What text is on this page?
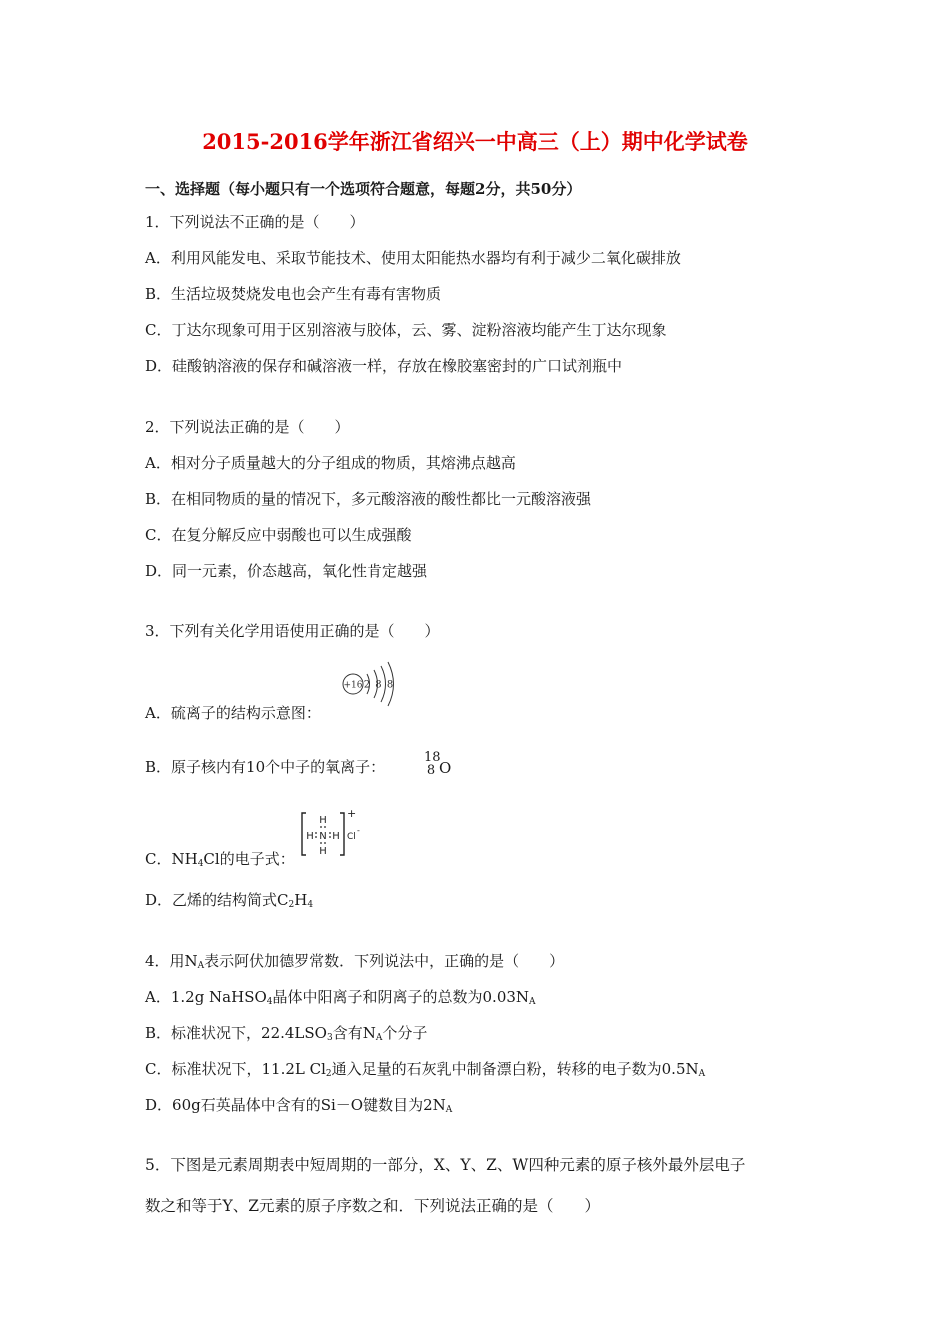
2015-2016学年浙江省绍兴一中高三（上）期中化学试卷
一、选择题（每小题只有一个选项符合题意，每题2分，共50分）
1．下列说法不正确的是（　　）
A．利用风能发电、采取节能技术、使用太阳能热水器均有利于减少二氧化碳排放
B．生活垃圾焚烧发电也会产生有毒有害物质
C．丁达尔现象可用于区别溶液与胶体，云、雾、淀粉溶液均能产生丁达尔现象
D．硅酸钠溶液的保存和碱溶液一样，存放在橡胶塞密封的广口试剂瓶中
2．下列说法正确的是（　　）
A．相对分子质量越大的分子组成的物质，其熔沸点越高
B．在相同物质的量的情况下，多元酸溶液的酸性都比一元酸溶液强
C．在复分解反应中弱酸也可以生成强酸
D．同一元素，价态越高，氧化性肯定越强
3．下列有关化学用语使用正确的是（　　）
+16 2 8 8
A．硫离子的结构示意图：
B．原子核内有10个中子的氧离子：
18
8 O
H
H N H
H
+
Cl
-
C．$NH_4Cl$的电子式：
D．乙烯的结构简式$C_2H_4$
4．用$N_A$表示阿伏加德罗常数．下列说法中，正确的是（　　）
A．1.2g NaHSO$_4$晶体中阳离子和阴离子的总数为$0.03N_A$
B．标准状况下，$22.4LSO_3$含有$N_A$个分子
C．标准状况下，11.2L $Cl_2$通入足量的石灰乳中制备漂白粉，转移的电子数为$0.5N_A$
D．60g石英晶体中含有的Si－O键数目为$2N_A$
5．下图是元素周期表中短周期的一部分，X、Y、Z、W四种元素的原子核外最外层电子
数之和等于Y、Z元素的原子序数之和．下列说法正确的是（　　）
